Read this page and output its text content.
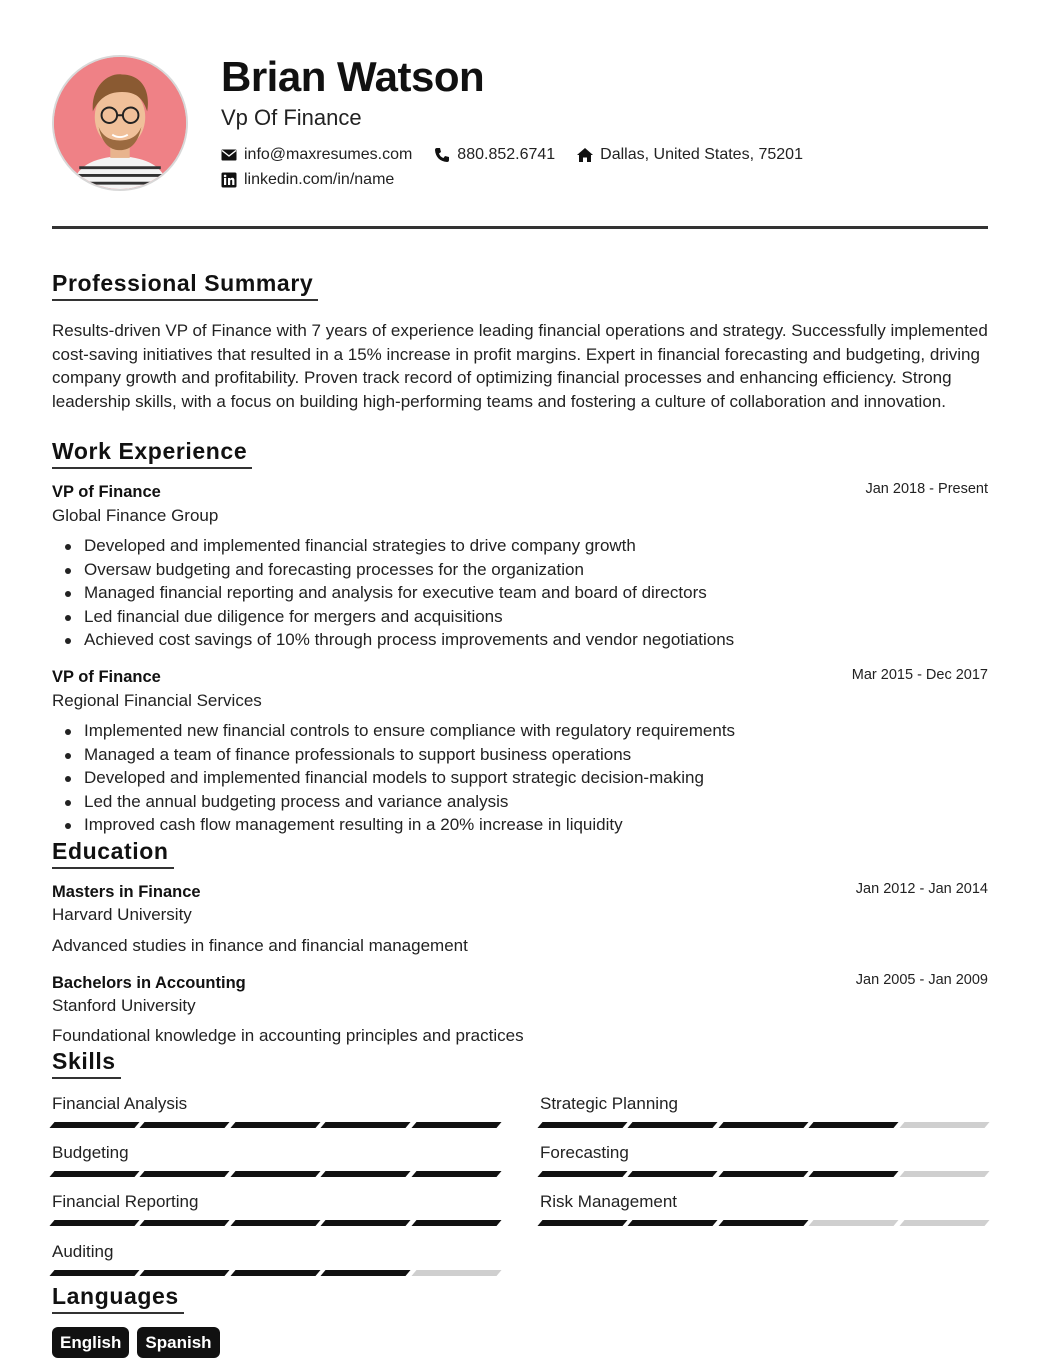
Brian Watson
Vp Of Finance
info@maxresumes.com	880.852.6741	Dallas, United States, 75201
linkedin.com/in/name
Professional Summary

Results-driven VP of Finance with 7 years of experience leading financial operations and strategy. Successfully implemented cost-saving initiatives that resulted in a 15% increase in profit margins. Expert in financial forecasting and budgeting, driving company growth and profitability. Proven track record of optimizing financial processes and enhancing efficiency. Strong leadership skills, with a focus on building high-performing teams and fostering a culture of collaboration and innovation.

Work Experience
VP of Finance	Jan 2018 - Present
Global Finance Group
Developed and implemented financial strategies to drive company growth
Oversaw budgeting and forecasting processes for the organization
Managed financial reporting and analysis for executive team and board of directors
Led financial due diligence for mergers and acquisitions
Achieved cost savings of 10% through process improvements and vendor negotiations
VP of Finance	Mar 2015 - Dec 2017
Regional Financial Services
Implemented new financial controls to ensure compliance with regulatory requirements
Managed a team of finance professionals to support business operations
Developed and implemented financial models to support strategic decision-making
Led the annual budgeting process and variance analysis
Improved cash flow management resulting in a 20% increase in liquidity
Education
Masters in Finance	Jan 2012 - Jan 2014
Harvard University
Advanced studies in finance and financial management
Bachelors in Accounting	Jan 2005 - Jan 2009
Stanford University
Foundational knowledge in accounting principles and practices
Skills
Financial Analysis	Strategic Planning
Budgeting	Forecasting
Financial Reporting	Risk Management
Auditing
Languages
English	Spanish
